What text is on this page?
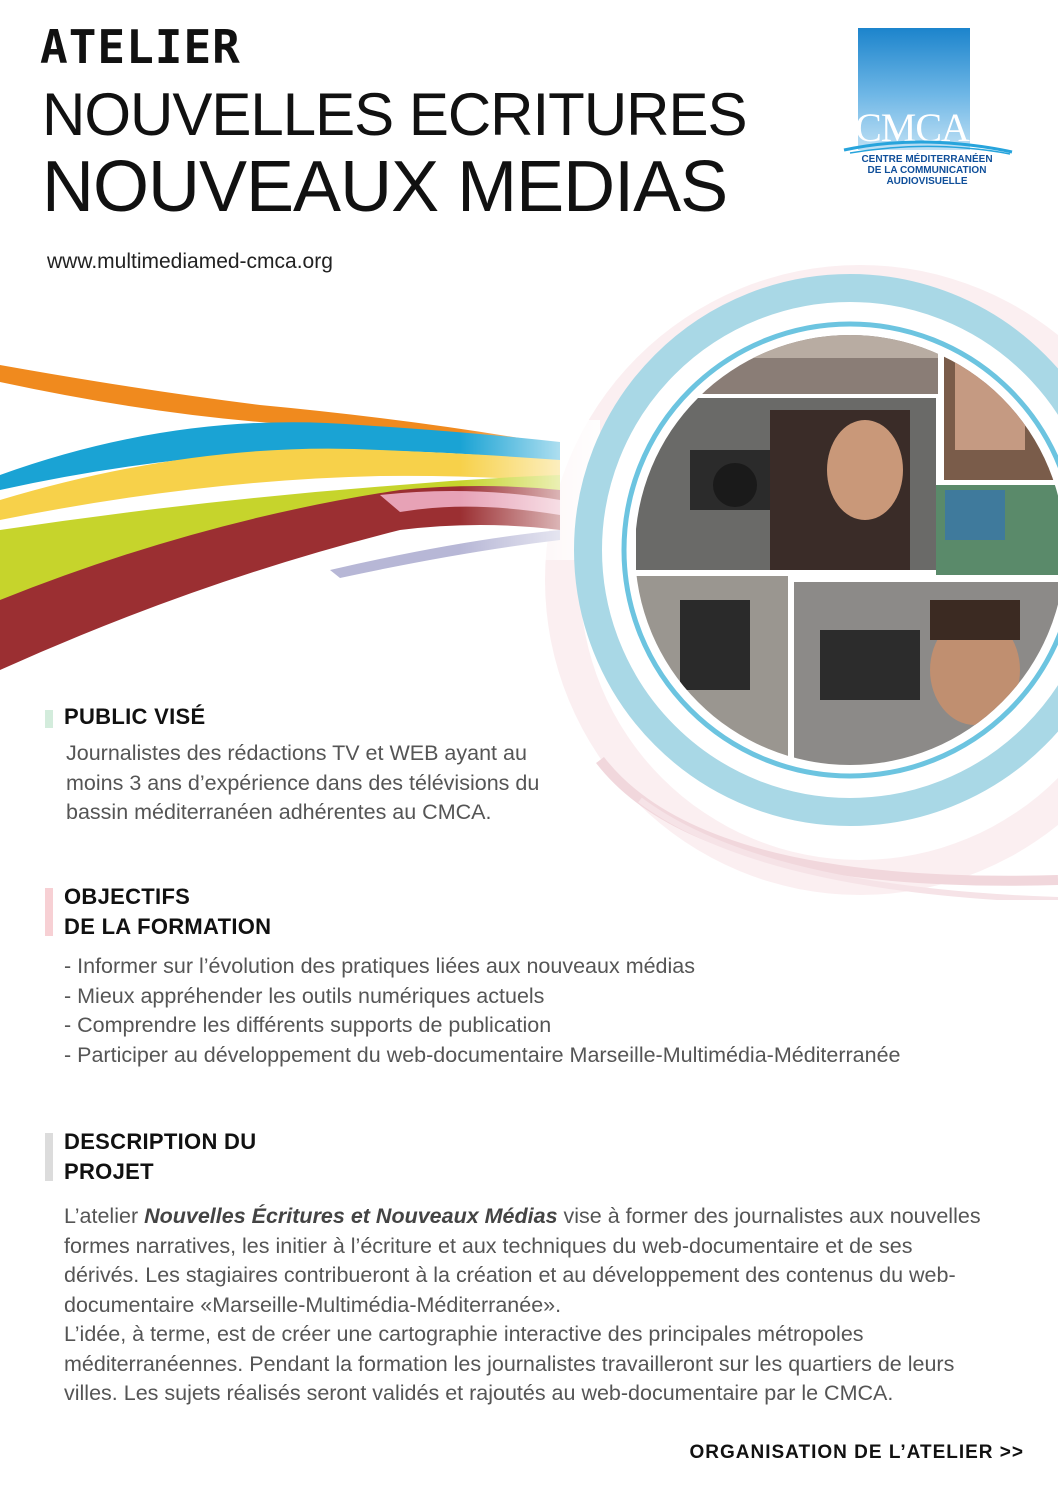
ATELIER
NOUVELLES ECRITURES
NOUVEAUX MEDIAS
www.multimediamed-cmca.org
CMCA
CENTRE MÉDITERRANÉEN
DE LA COMMUNICATION
AUDIOVISUELLE
PUBLIC VISÉ

Journalistes des rédactions TV et WEB ayant au

moins 3 ans d’expérience dans des télévisions du

bassin méditerranéen adhérentes au CMCA.

OBJECTIFS
DE LA FORMATION

- Informer sur l’évolution des pratiques liées aux nouveaux médias

- Mieux appréhender les outils numériques actuels

- Comprendre les différents supports de publication

- Participer au développement du web-documentaire Marseille-Multimédia-Méditerranée

DESCRIPTION DU
PROJET

L’atelier Nouvelles Écritures et Nouveaux Médias vise à former des journalistes aux nouvelles

formes narratives, les initier à l’écriture et aux techniques du web-documentaire et de ses

dérivés. Les stagiaires contribueront à la création et au développement des contenus du web-

documentaire «Marseille-Multimédia-Méditerranée».

L’idée, à terme, est de créer une cartographie interactive des principales métropoles

méditerranéennes. Pendant la formation les journalistes travailleront sur les quartiers de leurs

villes. Les sujets réalisés seront validés et rajoutés au web-documentaire par le CMCA.

ORGANISATION DE L’ATELIER >>
